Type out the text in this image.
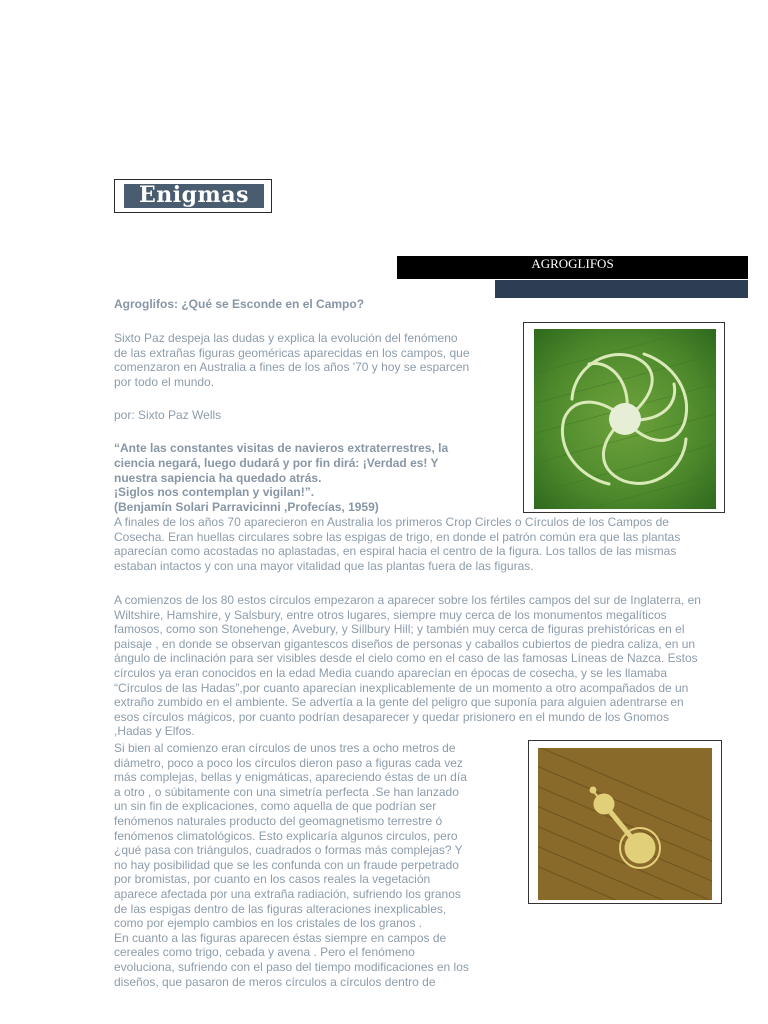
Enigmas
AGROGLIFOS
Agroglifos: ¿Qué se Esconde en el Campo?
Sixto Paz despeja las dudas y explica la evolución del fenómeno
de las extrañas figuras geoméricas aparecidas en los campos, que
comenzaron en Australia a fines de los años '70 y hoy se esparcen
por todo el mundo.
por: Sixto Paz Wells
“Ante las constantes visitas de navieros extraterrestres, la
ciencia negará, luego dudará y por fin dirá: ¡Verdad es! Y
nuestra sapiencia ha quedado atrás.
¡Siglos nos contemplan y vigilan!”.
(Benjamín Solari Parravicinni ,Profecías, 1959)
A finales de los años 70 aparecieron en Australia los primeros Crop Circles o Círculos de los Campos de
Cosecha. Eran huellas circulares sobre las espigas de trigo, en donde el patrón común era que las plantas
aparecían como acostadas no aplastadas, en espiral hacia el centro de la figura. Los tallos de las mismas
estaban intactos y con una mayor vitalidad que las plantas fuera de las figuras.
A comienzos de los 80 estos círculos empezaron a aparecer sobre los fértiles campos del sur de Inglaterra, en
Wiltshire, Hamshire, y Salsbury, entre otros lugares, siempre muy cerca de los monumentos megalíticos
famosos, como son Stonehenge, Avebury, y Sillbury Hill; y también muy cerca de figuras prehistóricas en el
paisaje , en donde se observan gigantescos diseños de personas y caballos cubiertos de piedra caliza, en un
ángulo de inclinación para ser visibles desde el cielo como en el caso de las famosas Líneas de Nazca. Estos
círculos ya eran conocidos en la edad Media cuando aparecían en épocas de cosecha, y se les llamaba
“Círculos de las Hadas”,por cuanto aparecían inexplicablemente de un momento a otro acompañados de un
extraño zumbido en el ambiente. Se advertía a la gente del peligro que suponía para alguien adentrarse en
esos círculos mágicos, por cuanto podrían desaparecer y quedar prisionero en el mundo de los Gnomos
,Hadas y Elfos.
Si bien al comienzo eran círculos de unos tres a ocho metros de
diámetro, poco a poco los círculos dieron paso a figuras cada vez
más complejas, bellas y enigmáticas, apareciendo éstas de un día
a otro , o súbitamente con una simetría perfecta .Se han lanzado
un sin fin de explicaciones, como aquella de que podrían ser
fenómenos naturales producto del geomagnetismo terrestre ó
fenómenos climatológicos. Esto explicaría algunos circulos, pero
¿qué pasa con triángulos, cuadrados o formas más complejas? Y
no hay posibilidad que se les confunda con un fraude perpetrado
por bromistas, por cuanto en los casos reales la vegetación
aparece afectada por una extraña radiación, sufriendo los granos
de las espigas dentro de las figuras alteraciones inexplicables,
como por ejemplo cambios en los cristales de los granos .
En cuanto a las figuras aparecen éstas siempre en campos de
cereales como trigo, cebada y avena . Pero el fenómeno
evoluciona, sufriendo con el paso del tiempo modificaciones en los
diseños, que pasaron de meros círculos a círculos dentro de
